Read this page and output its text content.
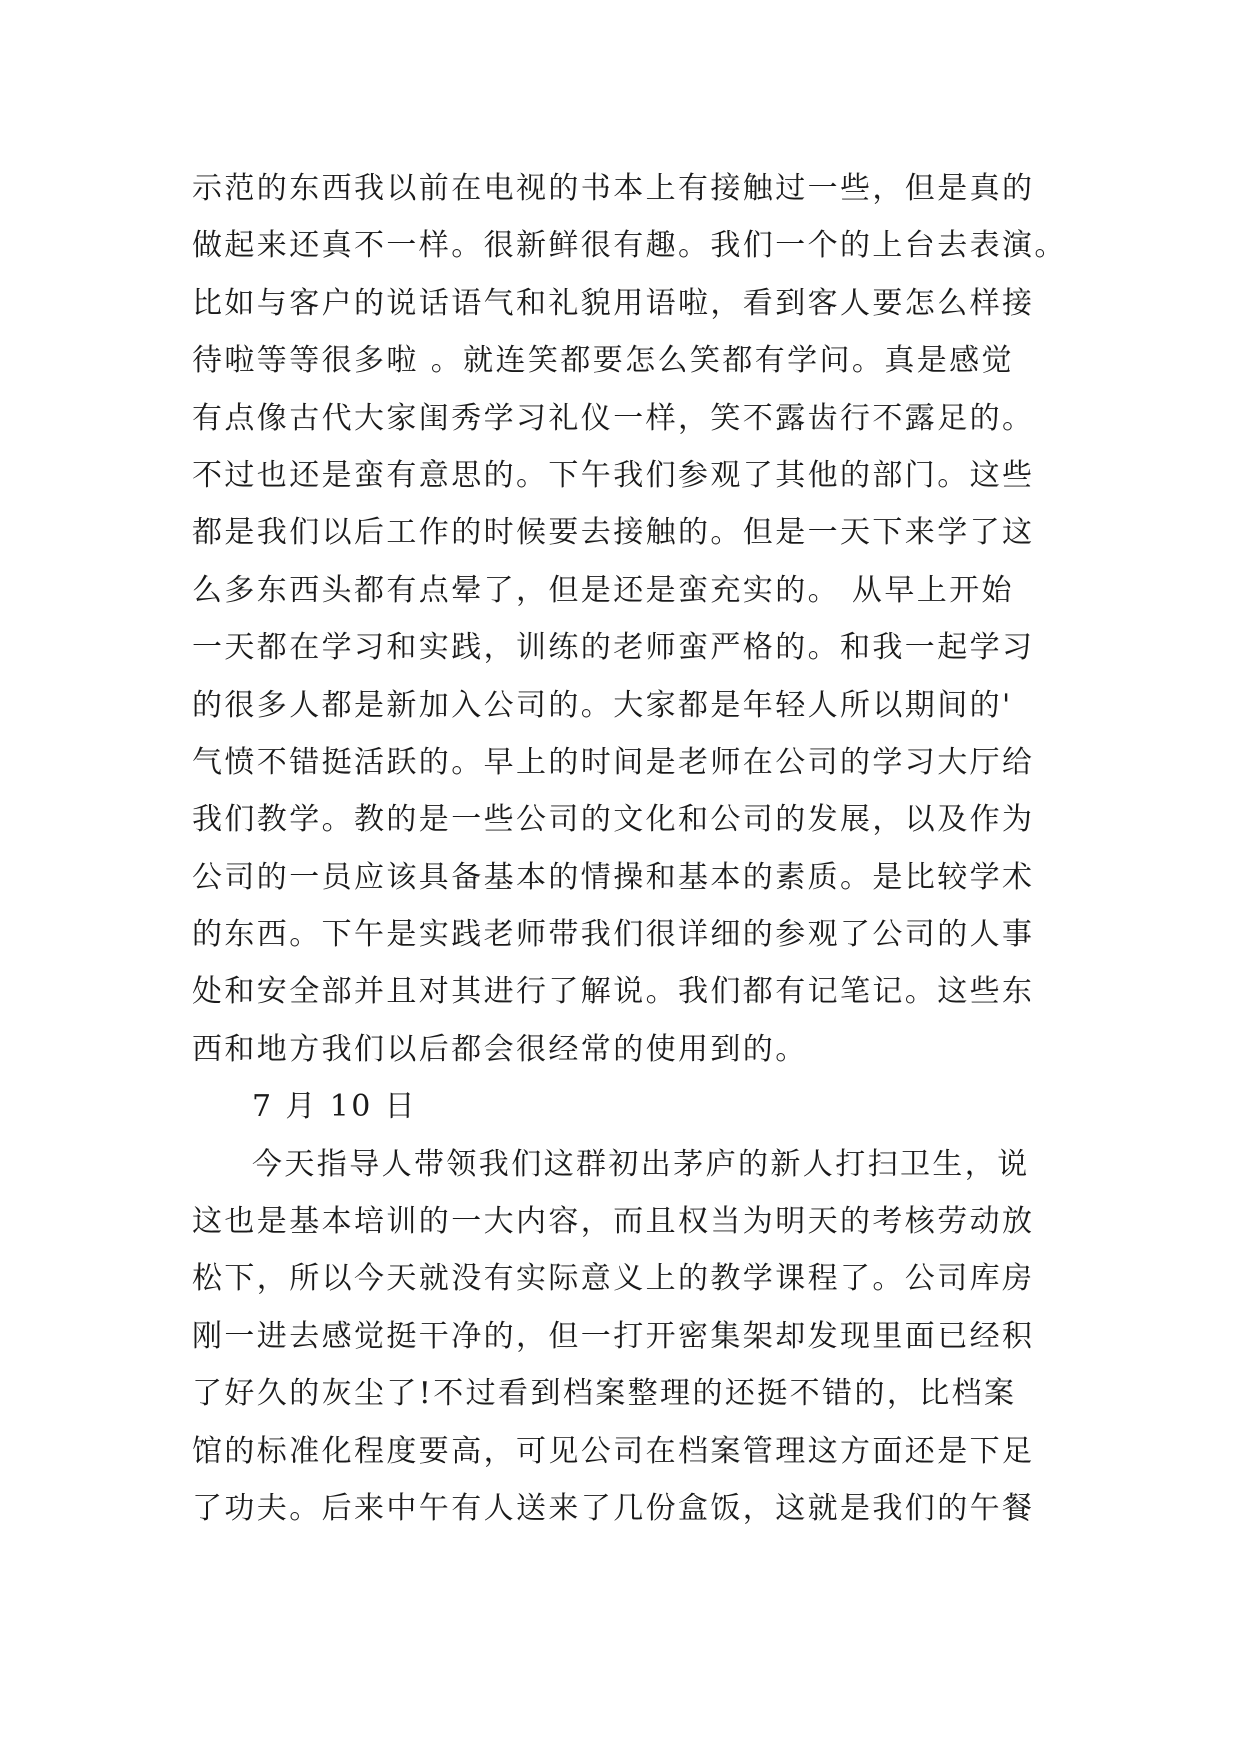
示范的东西我以前在电视的书本上有接触过一些，但是真的
做起来还真不一样。很新鲜很有趣。我们一个的上台去表演。
比如与客户的说话语气和礼貌用语啦，看到客人要怎么样接
待啦等等很多啦 。就连笑都要怎么笑都有学问。真是感觉
有点像古代大家闺秀学习礼仪一样，笑不露齿行不露足的。
不过也还是蛮有意思的。下午我们参观了其他的部门。这些
都是我们以后工作的时候要去接触的。但是一天下来学了这
么多东西头都有点晕了，但是还是蛮充实的。 从早上开始
一天都在学习和实践，训练的老师蛮严格的。和我一起学习
的很多人都是新加入公司的。大家都是年轻人所以期间的'
气愤不错挺活跃的。早上的时间是老师在公司的学习大厅给
我们教学。教的是一些公司的文化和公司的发展，以及作为
公司的一员应该具备基本的情操和基本的素质。是比较学术
的东西。下午是实践老师带我们很详细的参观了公司的人事
处和安全部并且对其进行了解说。我们都有记笔记。这些东
西和地方我们以后都会很经常的使用到的。
7 月 10 日
今天指导人带领我们这群初出茅庐的新人打扫卫生，说
这也是基本培训的一大内容，而且权当为明天的考核劳动放
松下，所以今天就没有实际意义上的教学课程了。公司库房
刚一进去感觉挺干净的，但一打开密集架却发现里面已经积
了好久的灰尘了!不过看到档案整理的还挺不错的，比档案
馆的标准化程度要高，可见公司在档案管理这方面还是下足
了功夫。后来中午有人送来了几份盒饭，这就是我们的午餐
